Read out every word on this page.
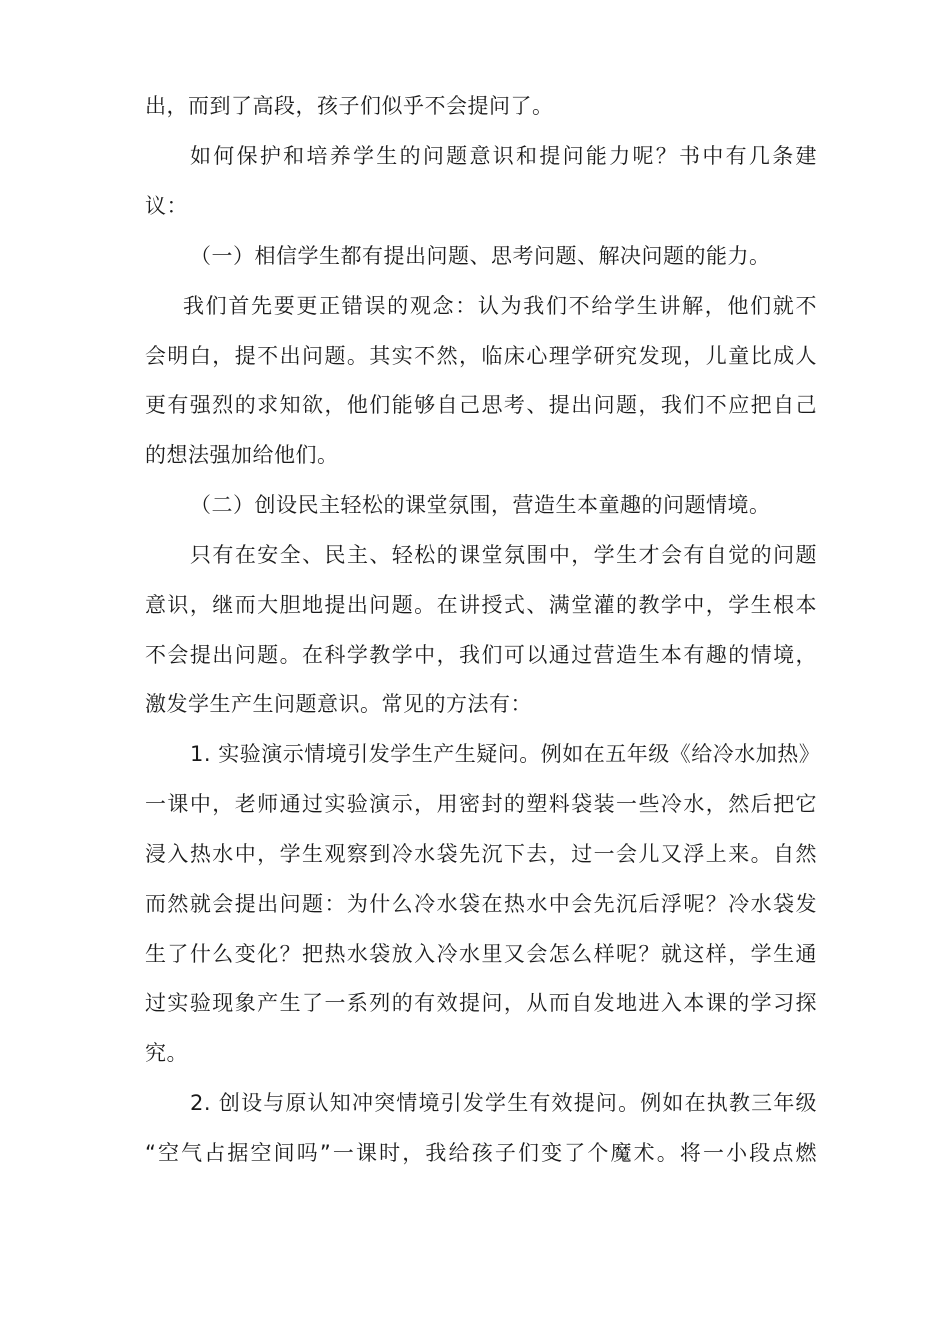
出，而到了高段，孩子们似乎不会提问了。
如何保护和培养学生的问题意识和提问能力呢？书中有几条建
议：
（一）相信学生都有提出问题、思考问题、解决问题的能力。
我们首先要更正错误的观念：认为我们不给学生讲解，他们就不
会明白，提不出问题。其实不然，临床心理学研究发现，儿童比成人
更有强烈的求知欲，他们能够自己思考、提出问题，我们不应把自己
的想法强加给他们。
（二）创设民主轻松的课堂氛围，营造生本童趣的问题情境。
只有在安全、民主、轻松的课堂氛围中，学生才会有自觉的问题
意识，继而大胆地提出问题。在讲授式、满堂灌的教学中，学生根本
不会提出问题。在科学教学中，我们可以通过营造生本有趣的情境，
激发学生产生问题意识。常见的方法有：
1. 实验演示情境引发学生产生疑问。例如在五年级《给冷水加热》
一课中，老师通过实验演示，用密封的塑料袋装一些冷水，然后把它
浸入热水中，学生观察到冷水袋先沉下去，过一会儿又浮上来。自然
而然就会提出问题：为什么冷水袋在热水中会先沉后浮呢？冷水袋发
生了什么变化？把热水袋放入冷水里又会怎么样呢？就这样，学生通
过实验现象产生了一系列的有效提问，从而自发地进入本课的学习探
究。
2. 创设与原认知冲突情境引发学生有效提问。例如在执教三年级
“空气占据空间吗”一课时，我给孩子们变了个魔术。将一小段点燃
